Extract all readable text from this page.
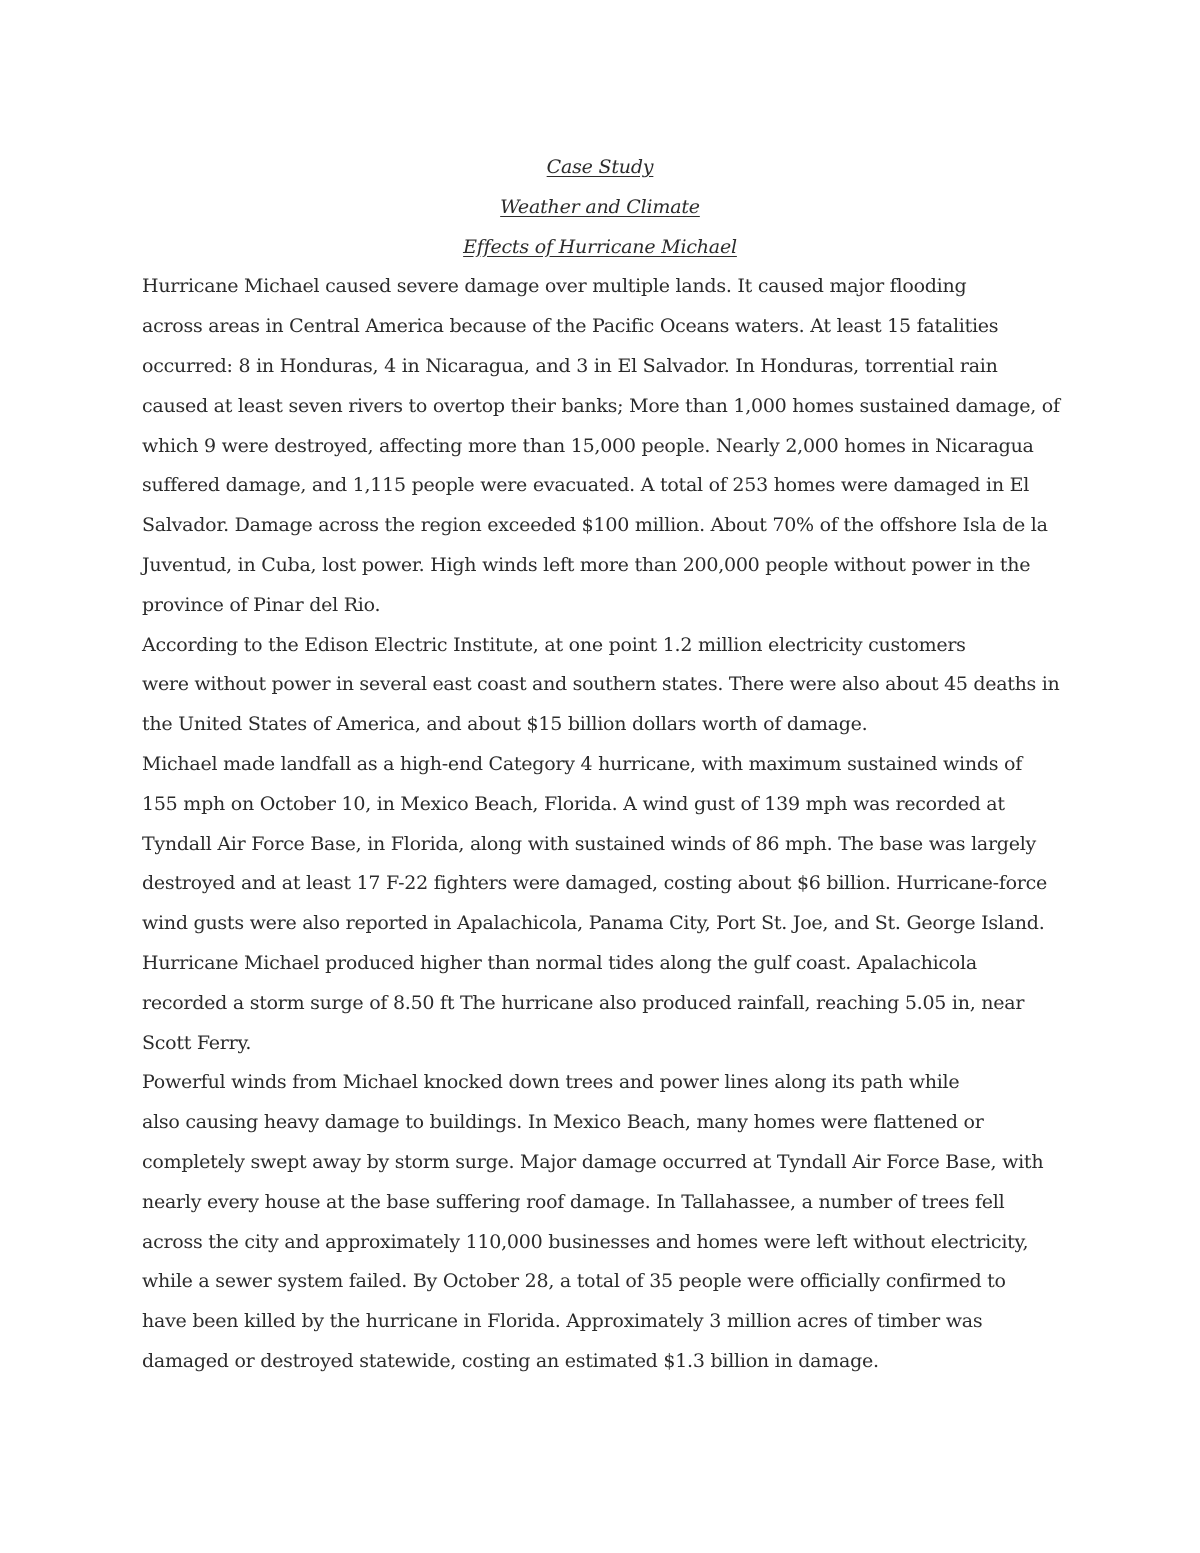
Case Study
Weather and Climate
Effects of Hurricane Michael
Hurricane Michael caused severe damage over multiple lands. It caused major flooding
across areas in Central America because of the Pacific Oceans waters. At least 15 fatalities
occurred: 8 in Honduras, 4 in Nicaragua, and 3 in El Salvador. In Honduras, torrential rain
caused at least seven rivers to overtop their banks; More than 1,000 homes sustained damage, of
which 9 were destroyed, affecting more than 15,000 people. Nearly 2,000 homes in Nicaragua
suffered damage, and 1,115 people were evacuated. A total of 253 homes were damaged in El
Salvador. Damage across the region exceeded $100 million. About 70% of the offshore Isla de la
Juventud, in Cuba, lost power. High winds left more than 200,000 people without power in the
province of Pinar del Rio.
According to the Edison Electric Institute, at one point 1.2 million electricity customers
were without power in several east coast and southern states. There were also about 45 deaths in
the United States of America, and about $15 billion dollars worth of damage.
Michael made landfall as a high-end Category 4 hurricane, with maximum sustained winds of
155 mph on October 10, in Mexico Beach, Florida. A wind gust of 139 mph was recorded at
Tyndall Air Force Base, in Florida, along with sustained winds of 86 mph. The base was largely
destroyed and at least 17 F-22 fighters were damaged, costing about $6 billion. Hurricane-force
wind gusts were also reported in Apalachicola, Panama City, Port St. Joe, and St. George Island.
Hurricane Michael produced higher than normal tides along the gulf coast. Apalachicola
recorded a storm surge of 8.50 ft The hurricane also produced rainfall, reaching 5.05 in, near
Scott Ferry.
Powerful winds from Michael knocked down trees and power lines along its path while
also causing heavy damage to buildings. In Mexico Beach, many homes were flattened or
completely swept away by storm surge. Major damage occurred at Tyndall Air Force Base, with
nearly every house at the base suffering roof damage. In Tallahassee, a number of trees fell
across the city and approximately 110,000 businesses and homes were left without electricity,
while a sewer system failed. By October 28, a total of 35 people were officially confirmed to
have been killed by the hurricane in Florida. Approximately 3 million acres of timber was
damaged or destroyed statewide, costing an estimated $1.3 billion in damage.
